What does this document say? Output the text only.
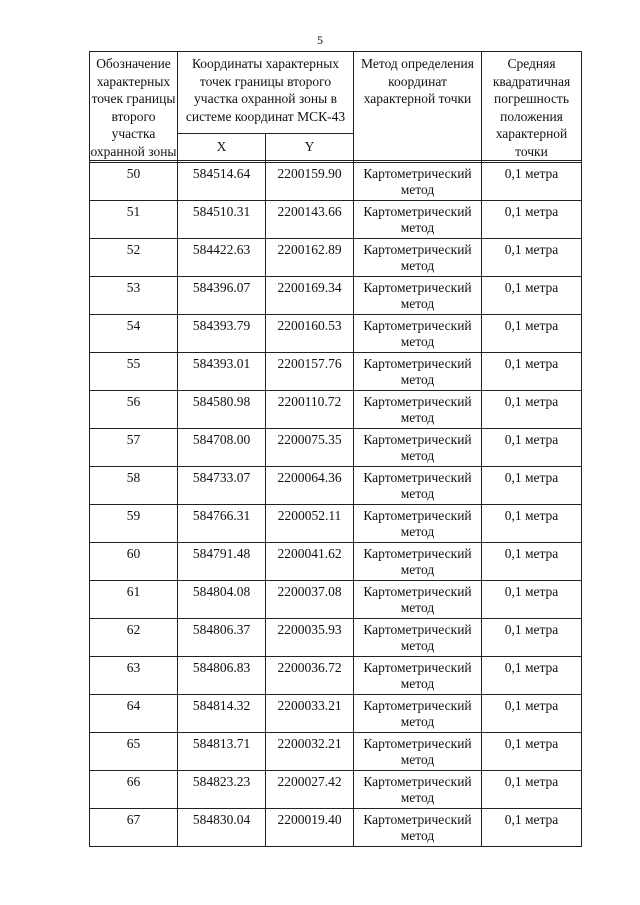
5
Обозначение характерных точек границы второго участка охранной зоны	Координаты характерных точек границы второго участка охранной зоны в системе координат МСК-43		Метод определения координат характерной точки	Средняя квадратичная погрешность положения характерной точки
	X	Y		

50	584514.64	2200159.90	Картометрический метод	0,1 метра
51	584510.31	2200143.66	Картометрический метод	0,1 метра
52	584422.63	2200162.89	Картометрический метод	0,1 метра
53	584396.07	2200169.34	Картометрический метод	0,1 метра
54	584393.79	2200160.53	Картометрический метод	0,1 метра
55	584393.01	2200157.76	Картометрический метод	0,1 метра
56	584580.98	2200110.72	Картометрический метод	0,1 метра
57	584708.00	2200075.35	Картометрический метод	0,1 метра
58	584733.07	2200064.36	Картометрический метод	0,1 метра
59	584766.31	2200052.11	Картометрический метод	0,1 метра
60	584791.48	2200041.62	Картометрический метод	0,1 метра
61	584804.08	2200037.08	Картометрический метод	0,1 метра
62	584806.37	2200035.93	Картометрический метод	0,1 метра
63	584806.83	2200036.72	Картометрический метод	0,1 метра
64	584814.32	2200033.21	Картометрический метод	0,1 метра
65	584813.71	2200032.21	Картометрический метод	0,1 метра
66	584823.23	2200027.42	Картометрический метод	0,1 метра
67	584830.04	2200019.40	Картометрический метод	0,1 метра
